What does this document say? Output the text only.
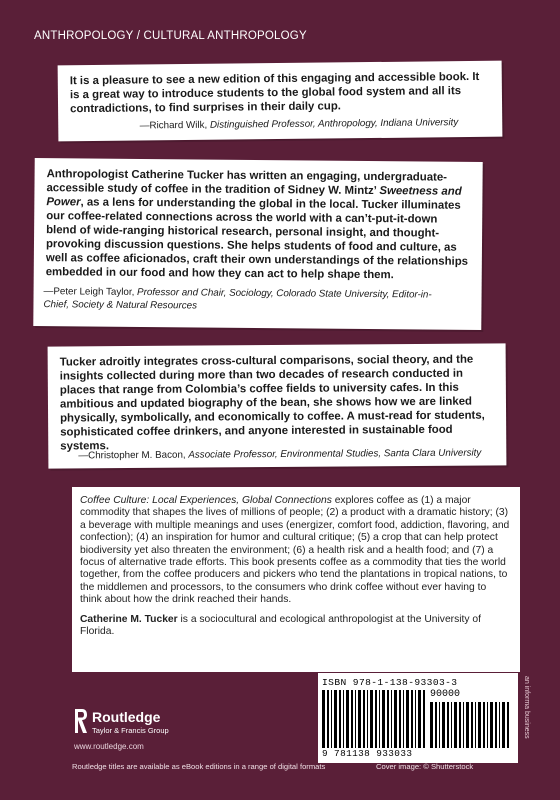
ANTHROPOLOGY / CULTURAL ANTHROPOLOGY
It is a pleasure to see a new edition of this engaging and accessible book. It is a great way to introduce students to the global food system and all its contradictions, to find surprises in their daily cup.
—Richard Wilk, Distinguished Professor, Anthropology, Indiana University
Anthropologist Catherine Tucker has written an engaging, undergraduate-accessible study of coffee in the tradition of Sidney W. Mintz’ Sweetness and Power, as a lens for understanding the global in the local. Tucker illuminates our coffee-related connections across the world with a can’t-put-it-down blend of wide-ranging historical research, personal insight, and thought-provoking discussion questions. She helps students of food and culture, as well as coffee aficionados, craft their own understandings of the relationships embedded in our food and how they can act to help shape them.
—Peter Leigh Taylor, Professor and Chair, Sociology, Colorado State University, Editor-in-Chief, Society & Natural Resources
Tucker adroitly integrates cross-cultural comparisons, social theory, and the insights collected during more than two decades of research conducted in places that range from Colombia’s coffee fields to university cafes. In this ambitious and updated biography of the bean, she shows how we are linked physically, symbolically, and economically to coffee. A must-read for students, sophisticated coffee drinkers, and anyone interested in sustainable food systems.
—Christopher M. Bacon, Associate Professor, Environmental Studies, Santa Clara University

Coffee Culture: Local Experiences, Global Connections explores coffee as (1) a major commodity that shapes the lives of millions of people; (2) a product with a dramatic history; (3) a beverage with multiple meanings and uses (energizer, comfort food, addiction, flavoring, and confection); (4) an inspiration for humor and cultural critique; (5) a crop that can help protect biodiversity yet also threaten the environment; (6) a health risk and a health food; and (7) a focus of alternative trade efforts. This book presents coffee as a commodity that ties the world together, from the coffee producers and pickers who tend the plantations in tropical nations, to the middlemen and processors, to the consumers who drink coffee without ever having to think about how the drink reached their hands.

Catherine M. Tucker is a sociocultural and ecological anthropologist at the University of Florida.

ISBN 978-1-138-93303-3
90000
9 781138 933033
an informa business
Routledge
Taylor & Francis Group
www.routledge.com
Routledge titles are available as eBook editions in a range of digital formats	Cover image: © Shutterstock
